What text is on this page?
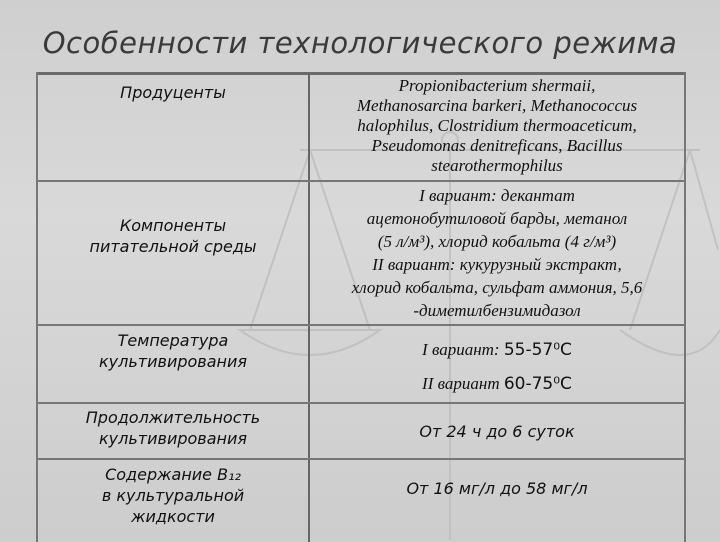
Особенности технологического режима
Продуценты	Propionibacterium shermaii,
Methanosarcina barkeri, Methanococcus
halophilus, Clostridium thermoaceticum,
Pseudomonas denitreficans, Bacillus
stearothermophilus
Компоненты
питательной среды
I вариант: декантат
ацетонобутиловой барды, метанол
(5 л/м³), хлорид кобальта (4 г/м³)
II вариант: кукурузный экстракт,
хлорид кобальта, сульфат аммония, 5,6
-диметилбензимидазол
Температура
культивирования
I вариант: 55-57⁰С
II вариант 60-75⁰С
Продолжительность
культивирования	От 24 ч до 6 суток
Содержание В₁₂
в культуральной
жидкости
От 16 мг/л до 58 мг/л
